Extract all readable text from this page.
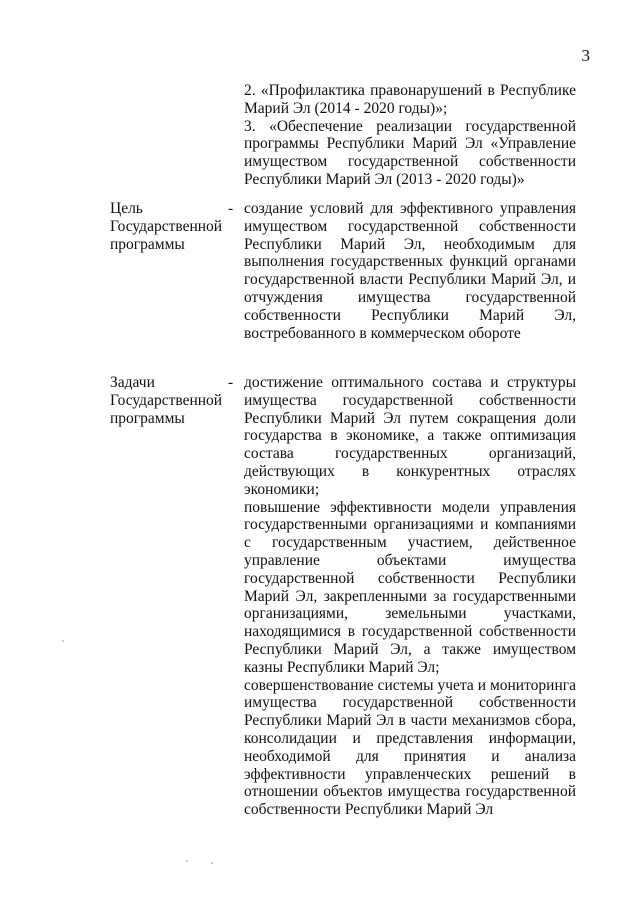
3

2. «Профилактика правонарушений в Республике Марий Эл (2014 - 2020 годы)»;

3. «Обеспечение реализации государственной программы Республики Марий Эл «Управление имуществом государственной собственности Республики Марий Эл (2013 - 2020 годы)»

Цель
Государственной
программы
- создание условий для эффективного управления имуществом государственной собственности Республики Марий Эл, необходимым для выполнения государственных функций органами государственной власти Республики Марий Эл, и отчуждения имущества государственной собственности Республики Марий Эл, востребованного в коммерческом обороте

Задачи
Государственной
программы
- достижение оптимального состава и структуры имущества государственной собственности Республики Марий Эл путем сокращения доли государства в экономике, а также оптимизация состава государственных организаций, действующих в конкурентных отраслях экономики;

повышение эффективности модели управления государственными организациями и компаниями с государственным участием, действенное управление объектами имущества государственной собственности Республики Марий Эл, закрепленными за государственными организациями, земельными участками, находящимися в государственной собственности Республики Марий Эл, а также имуществом казны Республики Марий Эл;

совершенствование системы учета и мониторинга имущества государственной собственности Республики Марий Эл в части механизмов сбора, консолидации и представления информации, необходимой для принятия и анализа эффективности управленческих решений в отношении объектов имущества государственной собственности Республики Марий Эл
